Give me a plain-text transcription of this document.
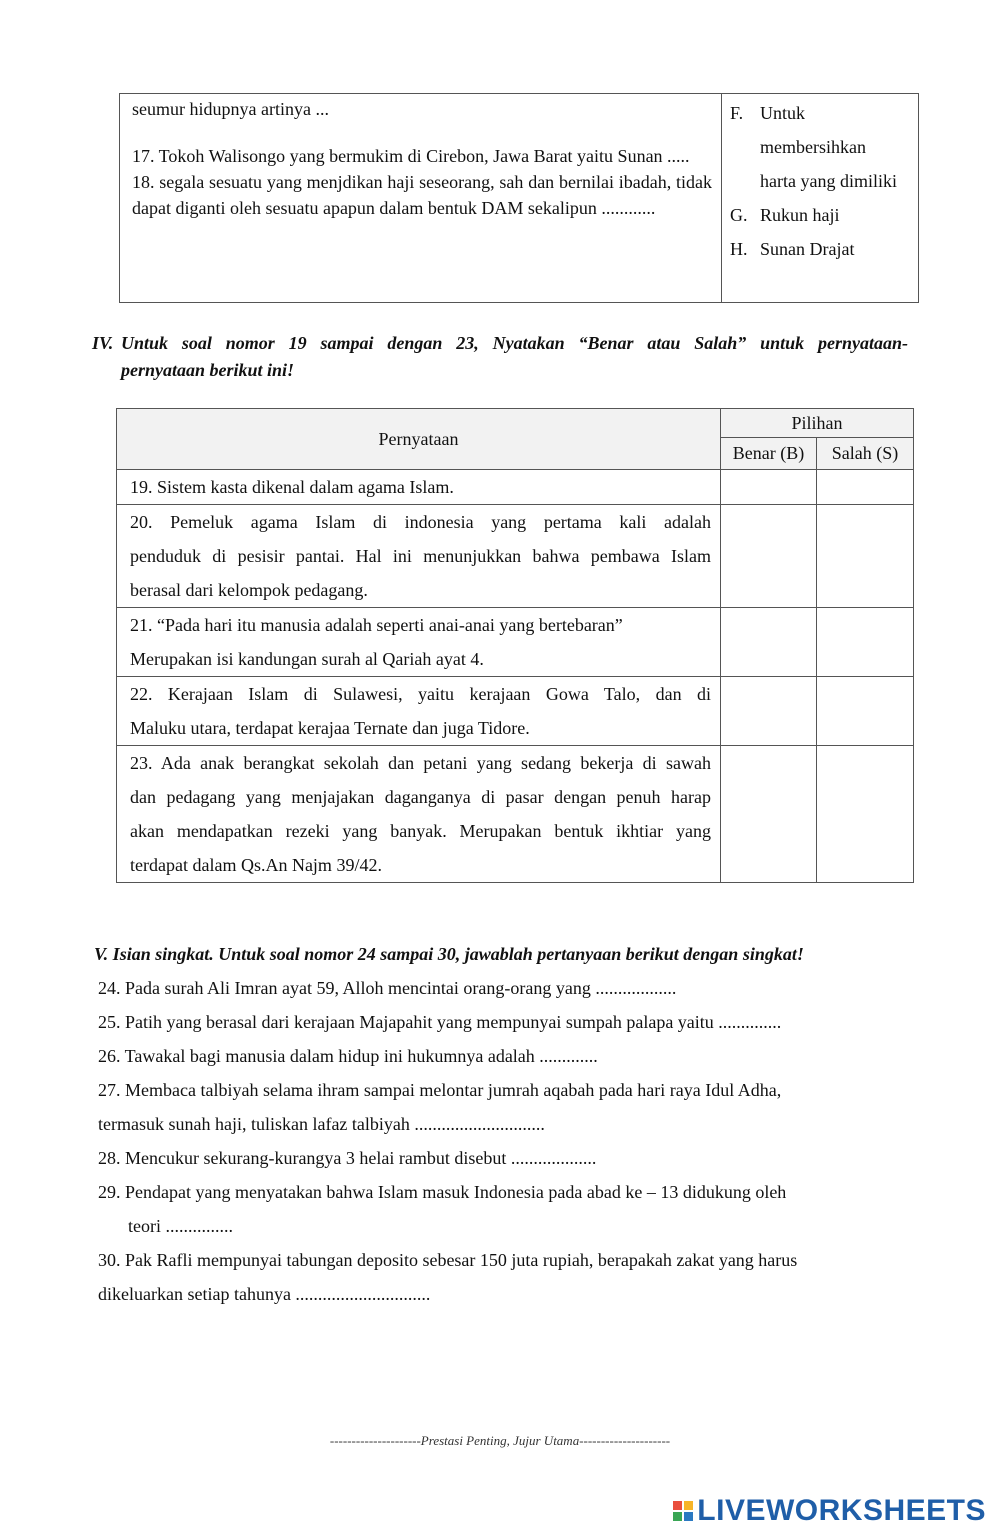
seumur hidupnya artinya ...

17. Tokoh Walisongo yang bermukim di Cirebon, Jawa Barat yaitu Sunan .....

18. segala sesuatu yang menjdikan haji seseorang, sah dan bernilai ibadah, tidak dapat diganti oleh sesuatu apapun dalam bentuk DAM sekalipun ............

F. Untuk
membersihkan
harta yang dimiliki
G. Rukun haji
H. Sunan Drajat
IV. Untuk soal nomor 19 sampai dengan 23, Nyatakan “Benar atau Salah” untuk pernyataan-
pernyataan berikut ini!
Pernyataan	Pilihan	
	Benar (B)	Salah (S)

19. Sistem kasta dikenal dalam agama Islam.		

20. Pemeluk agama Islam di indonesia yang pertama kali adalah
penduduk di pesisir pantai. Hal ini menunjukkan bahwa pembawa Islam
berasal dari kelompok pedagang.		

21. “Pada hari itu manusia adalah seperti anai-anai yang bertebaran”
Merupakan isi kandungan surah al Qariah ayat 4.		

22. Kerajaan Islam di Sulawesi, yaitu kerajaan Gowa Talo, dan di
Maluku utara, terdapat kerajaa Ternate dan juga Tidore.		

23. Ada anak berangkat sekolah dan petani yang sedang bekerja di sawah
dan pedagang yang menjajakan daganganya di pasar dengan penuh harap
akan mendapatkan rezeki yang banyak. Merupakan bentuk ikhtiar yang
terdapat dalam Qs.An Najm 39/42.		

V. Isian singkat. Untuk soal nomor 24 sampai 30, jawablah pertanyaan berikut dengan singkat!
24. Pada surah Ali Imran ayat 59, Alloh mencintai orang-orang yang ..................
25. Patih yang berasal dari kerajaan Majapahit yang mempunyai sumpah palapa yaitu ..............
26. Tawakal bagi manusia dalam hidup ini hukumnya adalah .............
27. Membaca talbiyah selama ihram sampai melontar jumrah aqabah pada hari raya Idul Adha,
termasuk sunah haji, tuliskan lafaz talbiyah .............................
28. Mencukur sekurang-kurangya 3 helai rambut disebut ...................
29. Pendapat yang menyatakan bahwa Islam masuk Indonesia pada abad ke – 13 didukung oleh
teori ...............
30. Pak Rafli mempunyai tabungan deposito sebesar 150 juta rupiah, berapakah zakat yang harus
dikeluarkan setiap tahunya ..............................
---------------------Prestasi Penting, Jujur Utama---------------------
LIVEWORKSHEETS
